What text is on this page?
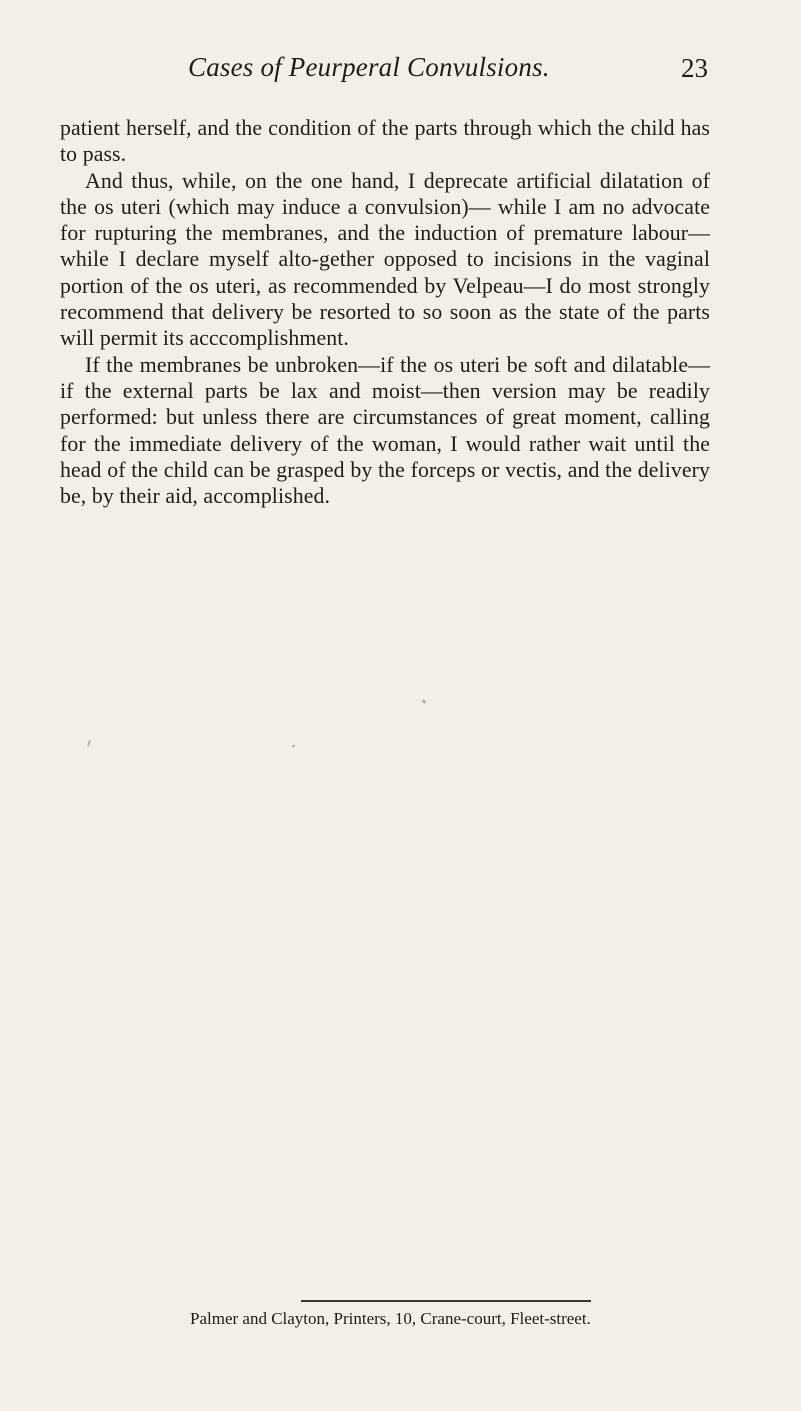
Cases of Peurperal Convulsions.	23

patient herself, and the condition of the parts through which the child has to pass.

And thus, while, on the one hand, I deprecate artificial dilatation of the os uteri (which may induce a convulsion)— while I am no advocate for rupturing the membranes, and the induction of premature labour—while I declare myself alto-gether opposed to incisions in the vaginal portion of the os uteri, as recommended by Velpeau—I do most strongly recommend that delivery be resorted to so soon as the state of the parts will permit its acccomplishment.

If the membranes be unbroken—if the os uteri be soft and dilatable—if the external parts be lax and moist—then version may be readily performed: but unless there are circumstances of great moment, calling for the immediate delivery of the woman, I would rather wait until the head of the child can be grasped by the forceps or vectis, and the delivery be, by their aid, accomplished.

Palmer and Clayton, Printers, 10, Crane-court, Fleet-street.
